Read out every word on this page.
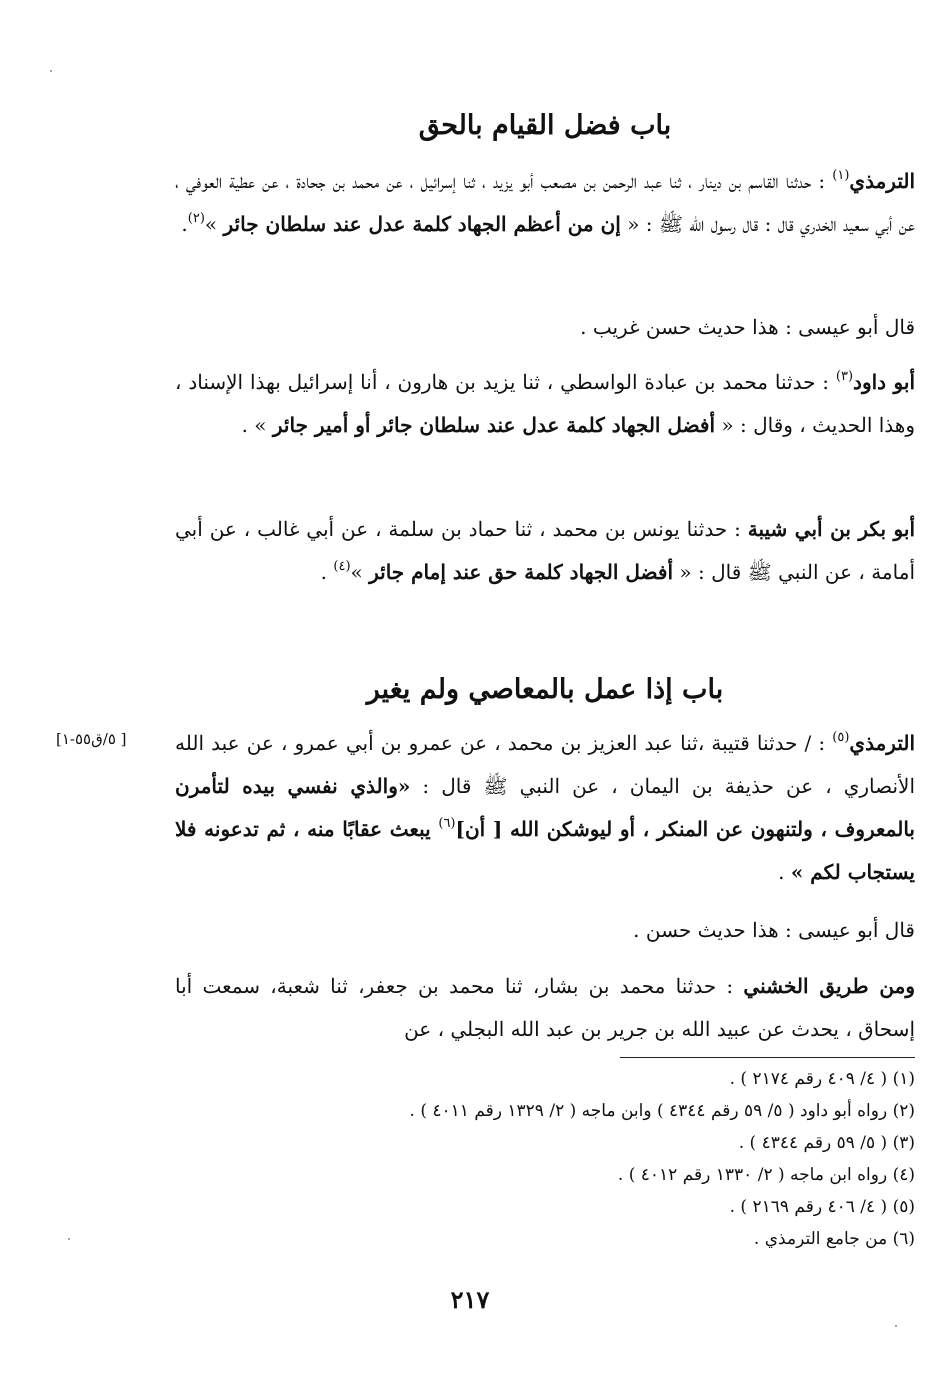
باب فضل القيام بالحق
الترمذي$^{(١)}$ : حدثنا القاسم بن دينار ، ثنا عبد الرحمن بن مصعب أبو يزيد ، ثنا إسرائيل ، عن محمد بن جحادة ، عن عطية العوفي ، عن أبي سعيد الخدري قال : قال رسول الله ﷺ : « إن من أعظم الجهاد كلمة عدل عند سلطان جائر »$^{(٢)}$.
قال أبو عيسى : هذا حديث حسن غريب .
أبو داود$^{(٣)}$ : حدثنا محمد بن عبادة الواسطي ، ثنا يزيد بن هارون ، أنا إسرائيل بهذا الإسناد ، وهذا الحديث ، وقال : « أفضل الجهاد كلمة عدل عند سلطان جائر أو أمير جائر » .
أبو بكر بن أبي شيبة : حدثنا يونس بن محمد ، ثنا حماد بن سلمة ، عن أبي غالب ، عن أبي أمامة ، عن النبي ﷺ قال : « أفضل الجهاد كلمة حق عند إمام جائر »$^{(٤)}$ .
باب إذا عمل بالمعاصي ولم يغير
[ ٥/ق٥٥-١]	الترمذي$^{(٥)}$ : / حدثنا قتيبة ،ثنا عبد العزيز بن محمد ، عن عمرو بن أبي عمرو ، عن عبد الله الأنصاري ، عن حذيفة بن اليمان ، عن النبي ﷺ قال : «والذي نفسي بيده لتأمرن بالمعروف ، ولتنهون عن المنكر ، أو ليوشكن الله [ أن]$^{(٦)}$ يبعث عقابًا منه ، ثم تدعونه فلا يستجاب لكم » .
قال أبو عيسى : هذا حديث حسن .
ومن طريق الخشني : حدثنا محمد بن بشار، ثنا محمد بن جعفر، ثنا شعبة، سمعت أبا إسحاق ، يحدث عن عبيد الله بن جرير بن عبد الله البجلي ، عن
(١) ( ٤/ ٤٠٩ رقم ٢١٧٤ ) .
(٢) رواه أبو داود ( ٥/ ٥٩ رقم ٤٣٤٤ ) وابن ماجه ( ٢/ ١٣٢٩ رقم ٤٠١١ ) .
(٣) ( ٥/ ٥٩ رقم ٤٣٤٤ ) .
(٤) رواه ابن ماجه ( ٢/ ١٣٣٠ رقم ٤٠١٢ ) .
(٥) ( ٤/ ٤٠٦ رقم ٢١٦٩ ) .
(٦) من جامع الترمذي .
٢١٧
